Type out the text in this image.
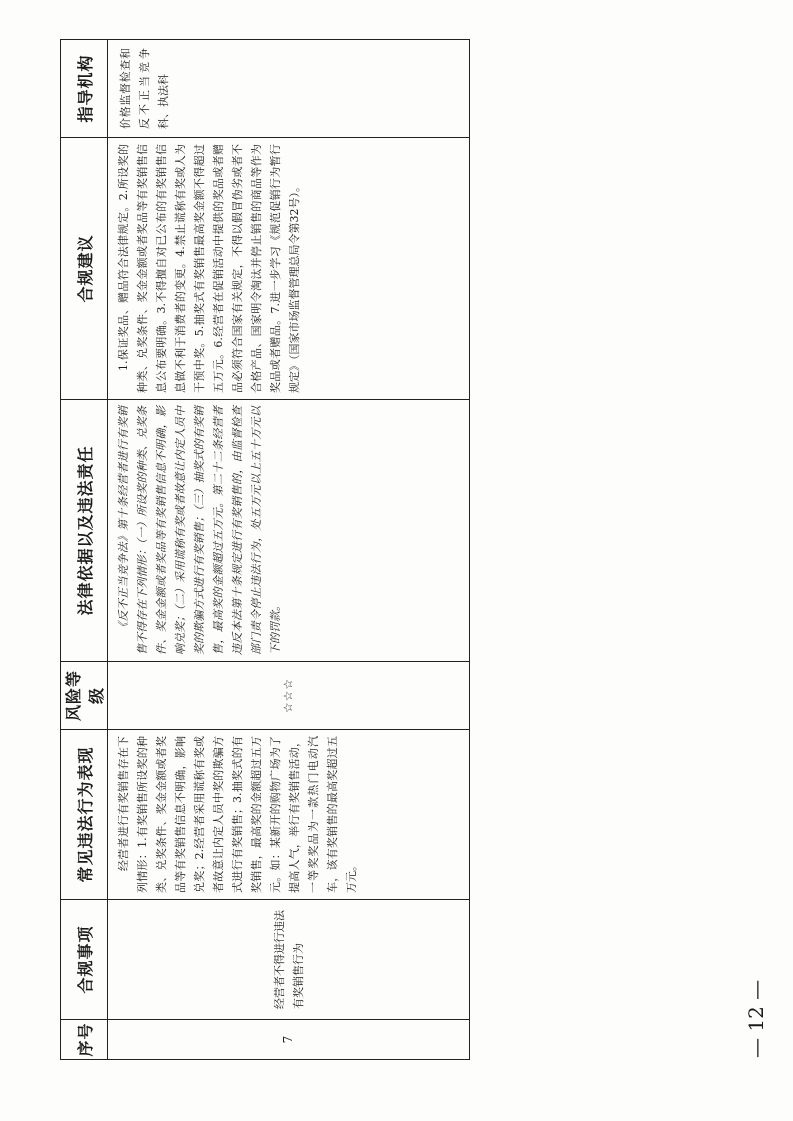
序号	合规事项	常见违法行为表现	风险等级	法律依据以及违法责任	合规建议	指导机构
7	经营者不得进行违法有奖销售行为	经营者进行有奖销售存在下列情形：1.有奖销售所设奖的种类、兑奖条件、奖金金额或者奖品等有奖销售信息不明确，影响兑奖；2.经营者采用谎称有奖或者故意让内定人员中奖的欺骗方式进行有奖销售；3.抽奖式的有奖销售，最高奖的金额超过五万元。如：某新开的购物广场为了提高人气，举行有奖销售活动，一等奖奖品为一款热门电动汽车，该有奖销售的最高奖超过五万元。	☆☆☆	《反不正当竞争法》第十条经营者进行有奖销售不得存在下列情形：（一）所设奖的种类、兑奖条件、奖金金额或者奖品等有奖销售信息不明确，影响兑奖；（二）采用谎称有奖或者故意让内定人员中奖的欺骗方式进行有奖销售；（三）抽奖式的有奖销售，最高奖的金额超过五万元。第二十二条经营者违反本法第十条规定进行有奖销售的，由监督检查部门责令停止违法行为，处五万元以上五十万元以下的罚款。	1.保证奖品、赠品符合法律规定。2.所设奖的种类、兑奖条件、奖金金额或者奖品等有奖销售信息公布要明确。3.不得擅自对已公布的有奖销售信息做不利于消费者的变更。4.禁止谎称有奖或人为干预中奖。5.抽奖式有奖销售最高奖金额不得超过五万元。6.经营者在促销活动中提供的奖品或者赠品必须符合国家有关规定，不得以假冒伪劣或者不合格产品、国家明令淘汰并停止销售的商品等作为奖品或者赠品。7.进一步学习《规范促销行为暂行规定》（国家市场监督管理总局令第32号）。	价格监督检查和反不正当竞争科、执法科
— 12 —
